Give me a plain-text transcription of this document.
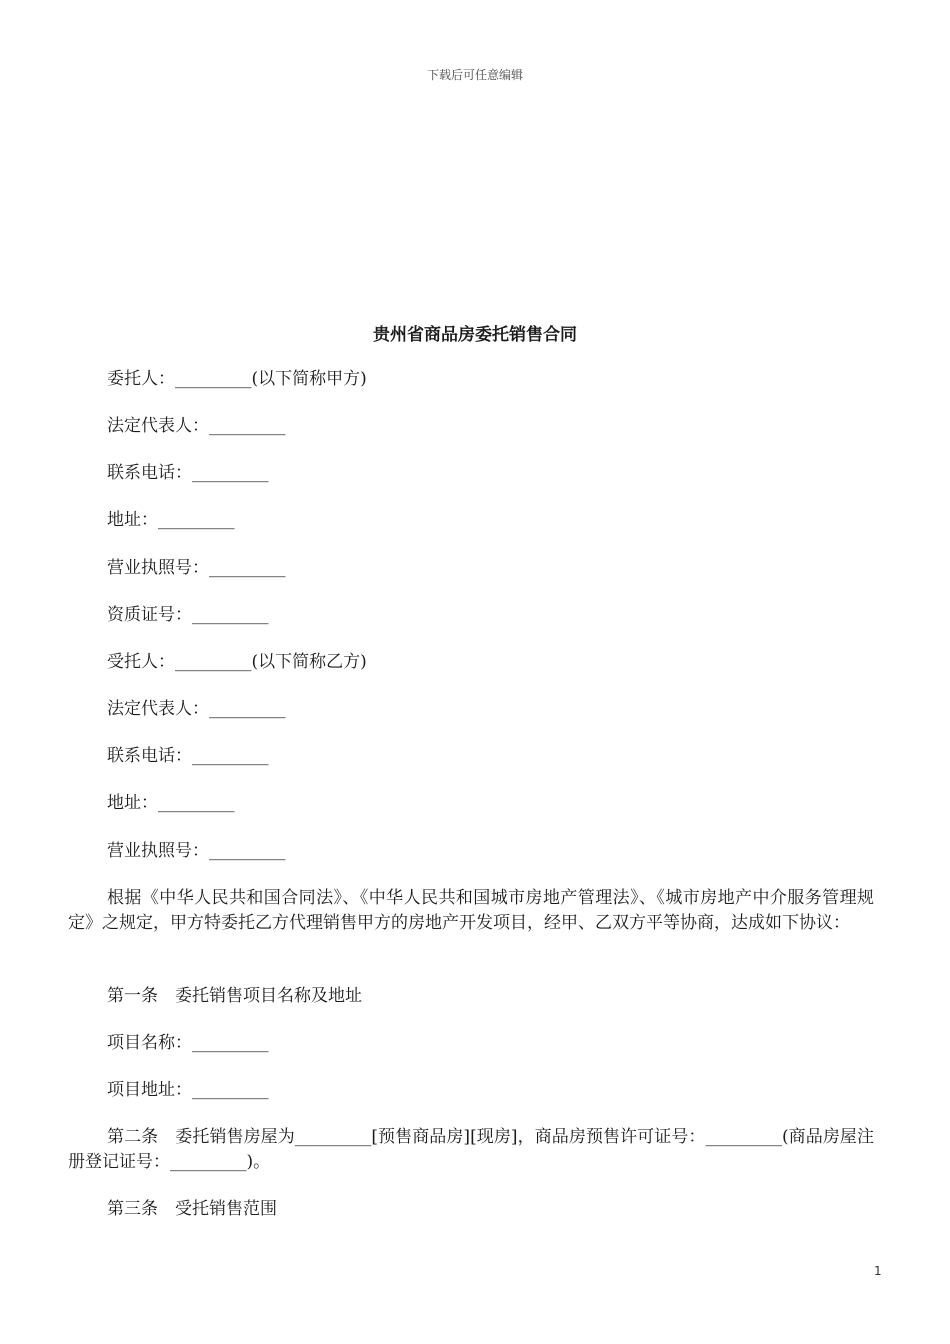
下载后可任意编辑
贵州省商品房委托销售合同
委托人：_________(以下简称甲方)
法定代表人：_________
联系电话：_________
地址：_________
营业执照号：_________
资质证号：_________
受托人：_________(以下简称乙方)
法定代表人：_________
联系电话：_________
地址：_________
营业执照号：_________
根据《中华人民共和国合同法》、《中华人民共和国城市房地产管理法》、《城市房地产中介服务管理规定》之规定，甲方特委托乙方代理销售甲方的房地产开发项目，经甲、乙双方平等协商，达成如下协议：
第一条　委托销售项目名称及地址
项目名称：_________
项目地址：_________
第二条　委托销售房屋为_________[预售商品房][现房]，商品房预售许可证号：_________(商品房屋注册登记证号：_________)。
第三条　受托销售范围
1
